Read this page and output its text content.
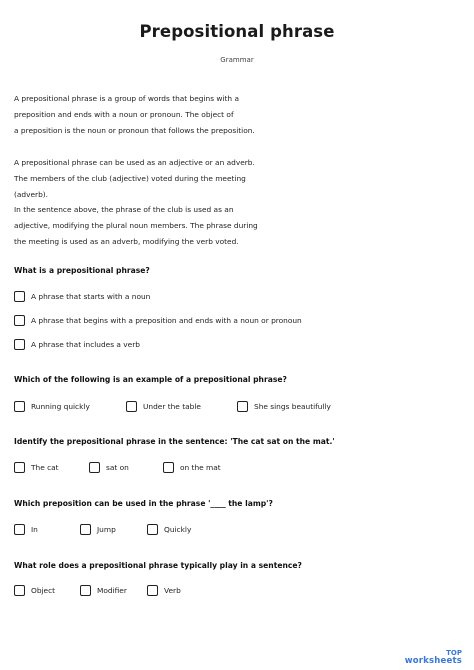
Prepositional phrase
Grammar
A prepositional phrase is a group of words that begins with a
preposition and ends with a noun or pronoun. The object of
a preposition is the noun or pronoun that follows the preposition.
A prepositional phrase can be used as an adjective or an adverb.
The members of the club (adjective) voted during the meeting
(adverb).
In the sentence above, the phrase of the club is used as an
adjective, modifying the plural noun members. The phrase during
the meeting is used as an adverb, modifying the verb voted.
What is a prepositional phrase?
A phrase that starts with a noun
A phrase that begins with a preposition and ends with a noun or pronoun
A phrase that includes a verb
Which of the following is an example of a prepositional phrase?
Running quickly	Under the table	She sings beautifully
Identify the prepositional phrase in the sentence: 'The cat sat on the mat.'
The cat	sat on	on the mat
Which preposition can be used in the phrase '____ the lamp'?
In	Jump	Quickly
What role does a prepositional phrase typically play in a sentence?
Object	Modifier	Verb
TOP
worksheets
